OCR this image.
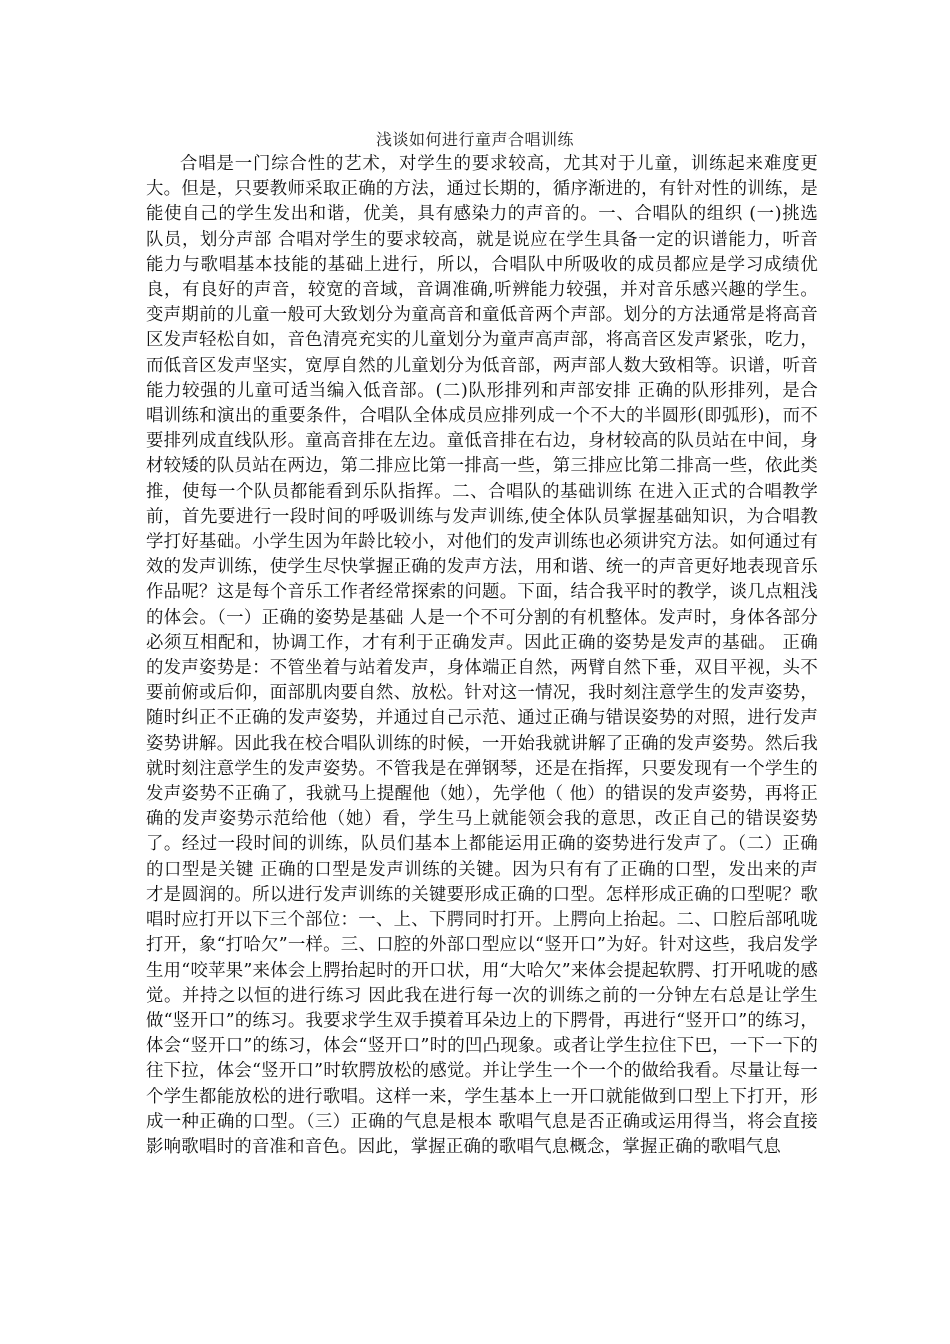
浅谈如何进行童声合唱训练

合唱是一门综合性的艺术，对学生的要求较高，尤其对于儿童，训练起来难度更大。但是，只要教师采取正确的方法，通过长期的，循序渐进的，有针对性的训练，是能使自己的学生发出和谐，优美，具有感染力的声音的。一、合唱队的组织 (一)挑选队员，划分声部 合唱对学生的要求较高，就是说应在学生具备一定的识谱能力，听音能力与歌唱基本技能的基础上进行，所以，合唱队中所吸收的成员都应是学习成绩优良，有良好的声音，较宽的音域，音调准确,听辨能力较强，并对音乐感兴趣的学生。 变声期前的儿童一般可大致划分为童高音和童低音两个声部。划分的方法通常是将高音区发声轻松自如，音色清亮充实的儿童划分为童声高声部，将高音区发声紧张，吃力，而低音区发声坚实，宽厚自然的儿童划分为低音部，两声部人数大致相等。识谱，听音能力较强的儿童可适当编入低音部。(二)队形排列和声部安排 正确的队形排列，是合唱训练和演出的重要条件，合唱队全体成员应排列成一个不大的半圆形(即弧形)，而不要排列成直线队形。童高音排在左边。童低音排在右边，身材较高的队员站在中间，身材较矮的队员站在两边，第二排应比第一排高一些，第三排应比第二排高一些，依此类推，使每一个队员都能看到乐队指挥。二、合唱队的基础训练 在进入正式的合唱教学前，首先要进行一段时间的呼吸训练与发声训练,使全体队员掌握基础知识，为合唱教学打好基础。小学生因为年龄比较小，对他们的发声训练也必须讲究方法。如何通过有效的发声训练，使学生尽快掌握正确的发声方法，用和谐、统一的声音更好地表现音乐作品呢？这是每个音乐工作者经常探索的问题。下面，结合我平时的教学，谈几点粗浅的体会。（一）正确的姿势是基础 人是一个不可分割的有机整体。发声时，身体各部分必须互相配和，协调工作，才有利于正确发声。因此正确的姿势是发声的基础。 正确的发声姿势是：不管坐着与站着发声，身体端正自然，两臂自然下垂，双目平视，头不要前俯或后仰，面部肌肉要自然、放松。针对这一情况，我时刻注意学生的发声姿势，随时纠正不正确的发声姿势，并通过自己示范、通过正确与错误姿势的对照，进行发声姿势讲解。因此我在校合唱队训练的时候，一开始我就讲解了正确的发声姿势。然后我就时刻注意学生的发声姿势。不管我是在弹钢琴，还是在指挥，只要发现有一个学生的发声姿势不正确了，我就马上提醒他（她），先学他（ 他）的错误的发声姿势，再将正确的发声姿势示范给他（她）看，学生马上就能领会我的意思，改正自己的错误姿势了。经过一段时间的训练，队员们基本上都能运用正确的姿势进行发声了。（二）正确的口型是关键 正确的口型是发声训练的关键。因为只有有了正确的口型，发出来的声才是圆润的。所以进行发声训练的关键要形成正确的口型。怎样形成正确的口型呢？歌唱时应打开以下三个部位：一、上、下腭同时打开。上腭向上抬起。二、口腔后部吼咙打开，象“打哈欠”一样。三、口腔的外部口型应以“竖开口”为好。针对这些，我启发学生用“咬苹果”来体会上腭抬起时的开口状，用“大哈欠”来体会提起软腭、打开吼咙的感觉。并持之以恒的进行练习 因此我在进行每一次的训练之前的一分钟左右总是让学生做“竖开口”的练习。我要求学生双手摸着耳朵边上的下腭骨，再进行“竖开口”的练习，体会“竖开口”的练习，体会“竖开口”时的凹凸现象。或者让学生拉住下巴，一下一下的往下拉，体会“竖开口”时软腭放松的感觉。并让学生一个一个的做给我看。尽量让每一个学生都能放松的进行歌唱。这样一来，学生基本上一开口就能做到口型上下打开，形成一种正确的口型。（三）正确的气息是根本 歌唱气息是否正确或运用得当，将会直接影响歌唱时的音准和音色。因此，掌握正确的歌唱气息概念，掌握正确的歌唱气息
